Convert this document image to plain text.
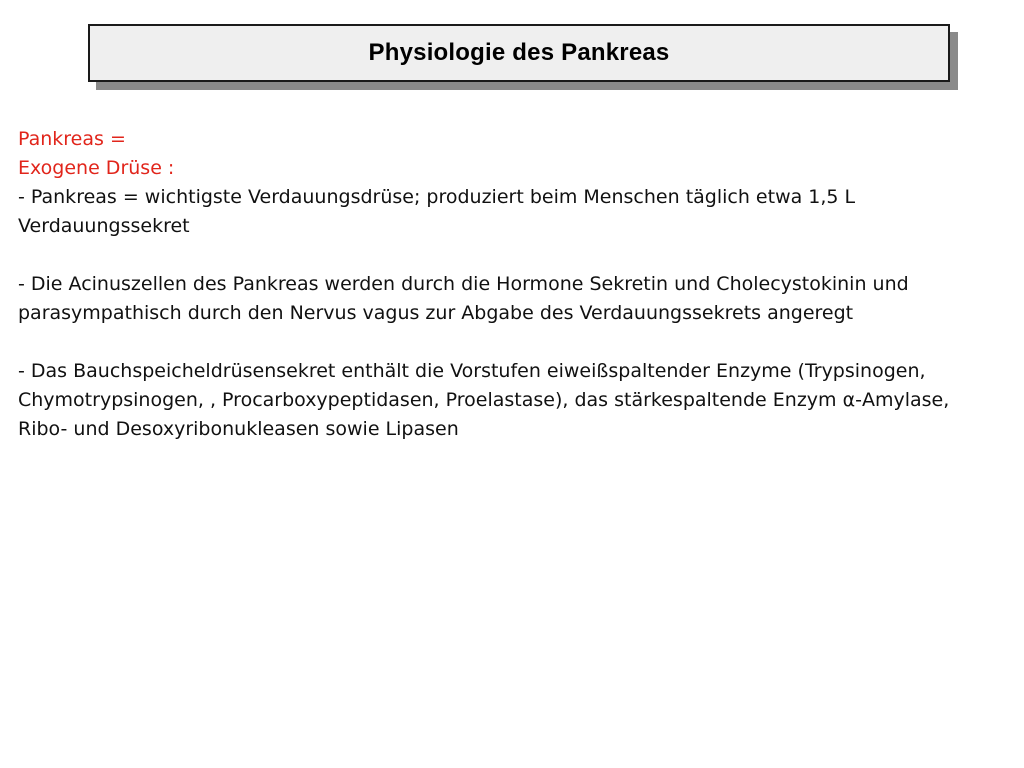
Physiologie des Pankreas
Pankreas =
Exogene Drüse :
- Pankreas = wichtigste Verdauungsdrüse; produziert beim Menschen täglich etwa 1,5 L
Verdauungssekret
- Die Acinuszellen des Pankreas werden durch die Hormone Sekretin und Cholecystokinin und
parasympathisch durch den Nervus vagus zur Abgabe des Verdauungssekrets angeregt
- Das Bauchspeicheldrüsensekret enthält die Vorstufen eiweißspaltender Enzyme (Trypsinogen,
Chymotrypsinogen, , Procarboxypeptidasen, Proelastase), das stärkespaltende Enzym α-Amylase,
Ribo- und Desoxyribonukleasen sowie Lipasen
